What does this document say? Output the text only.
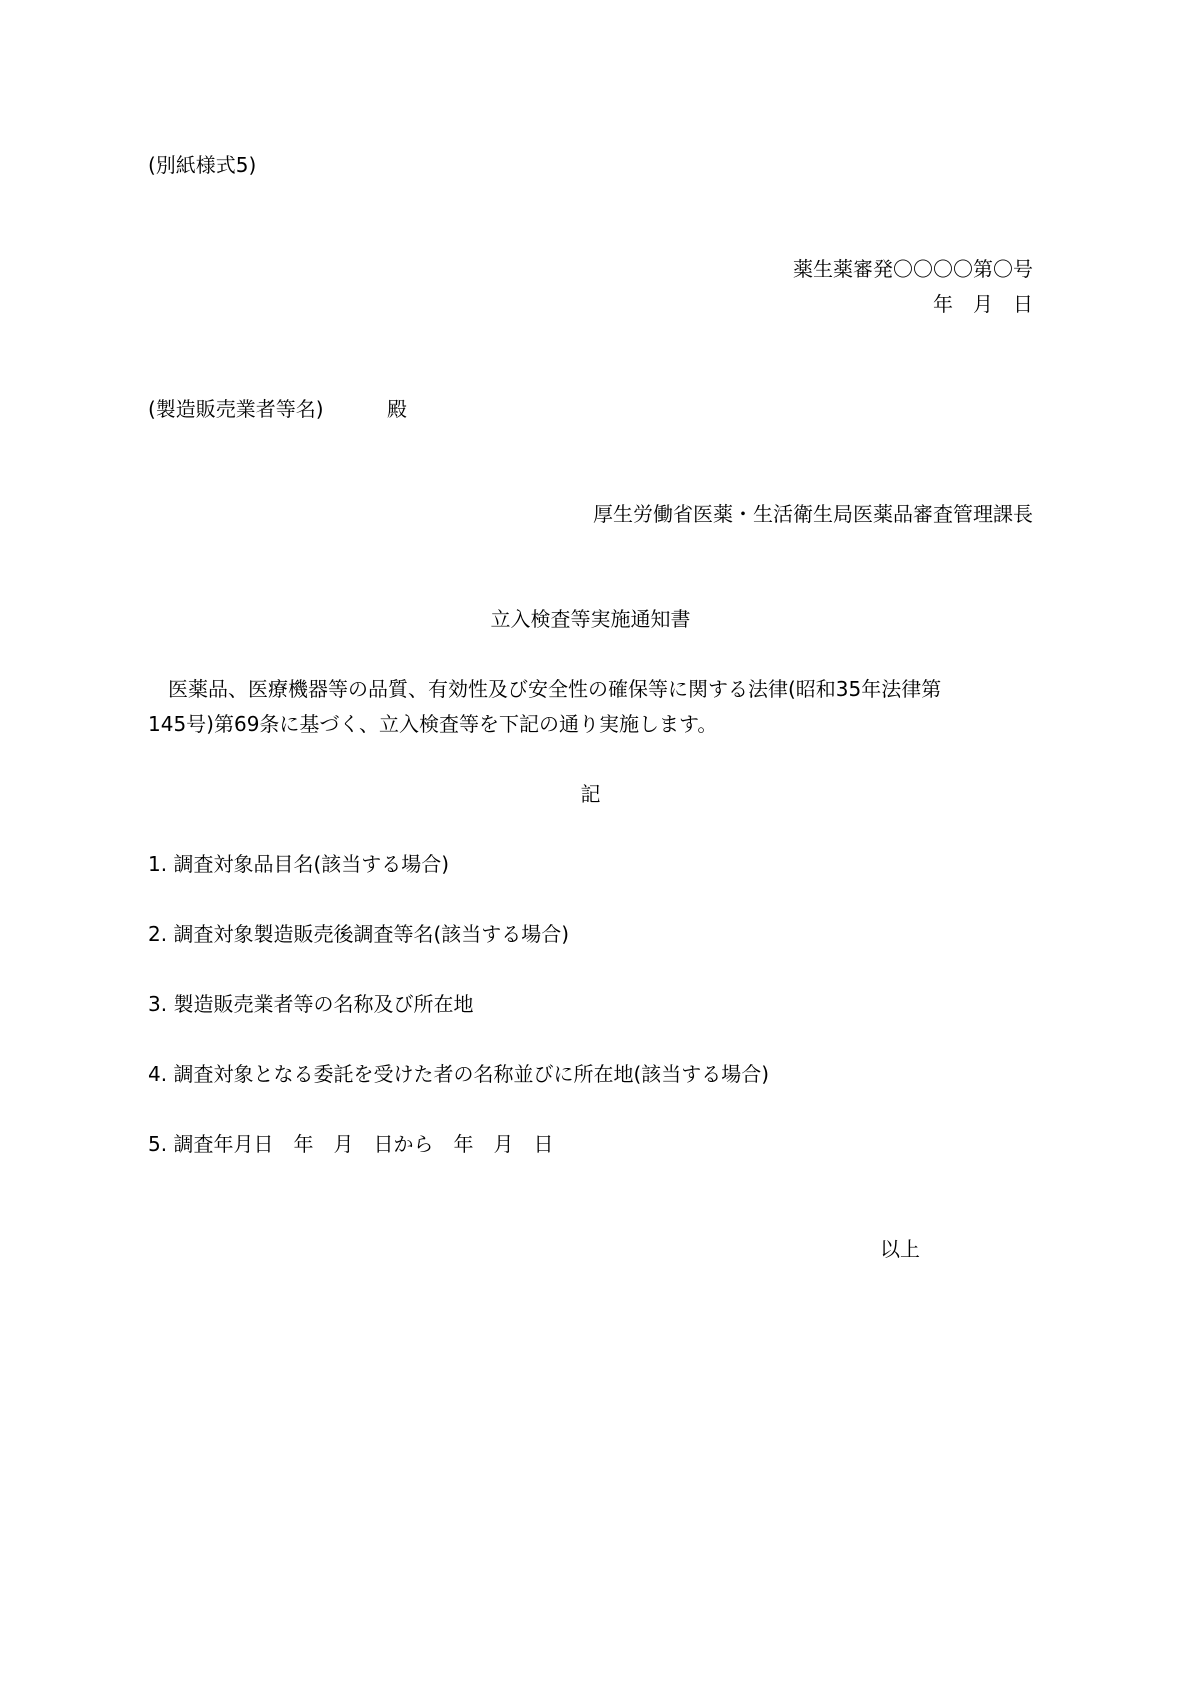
(別紙様式5)
薬生薬審発〇〇〇〇第〇号
年　月　日
(製造販売業者等名)	殿
厚生労働省医薬・生活衛生局医薬品審査管理課長
立入検査等実施通知書
　医薬品、医療機器等の品質、有効性及び安全性の確保等に関する法律(昭和35年法律第
145号)第69条に基づく、立入検査等を下記の通り実施します。
記
1. 調査対象品目名(該当する場合)
2. 調査対象製造販売後調査等名(該当する場合)
3. 製造販売業者等の名称及び所在地
4. 調査対象となる委託を受けた者の名称並びに所在地(該当する場合)
5. 調査年月日　年　月　日から　年　月　日
以上
